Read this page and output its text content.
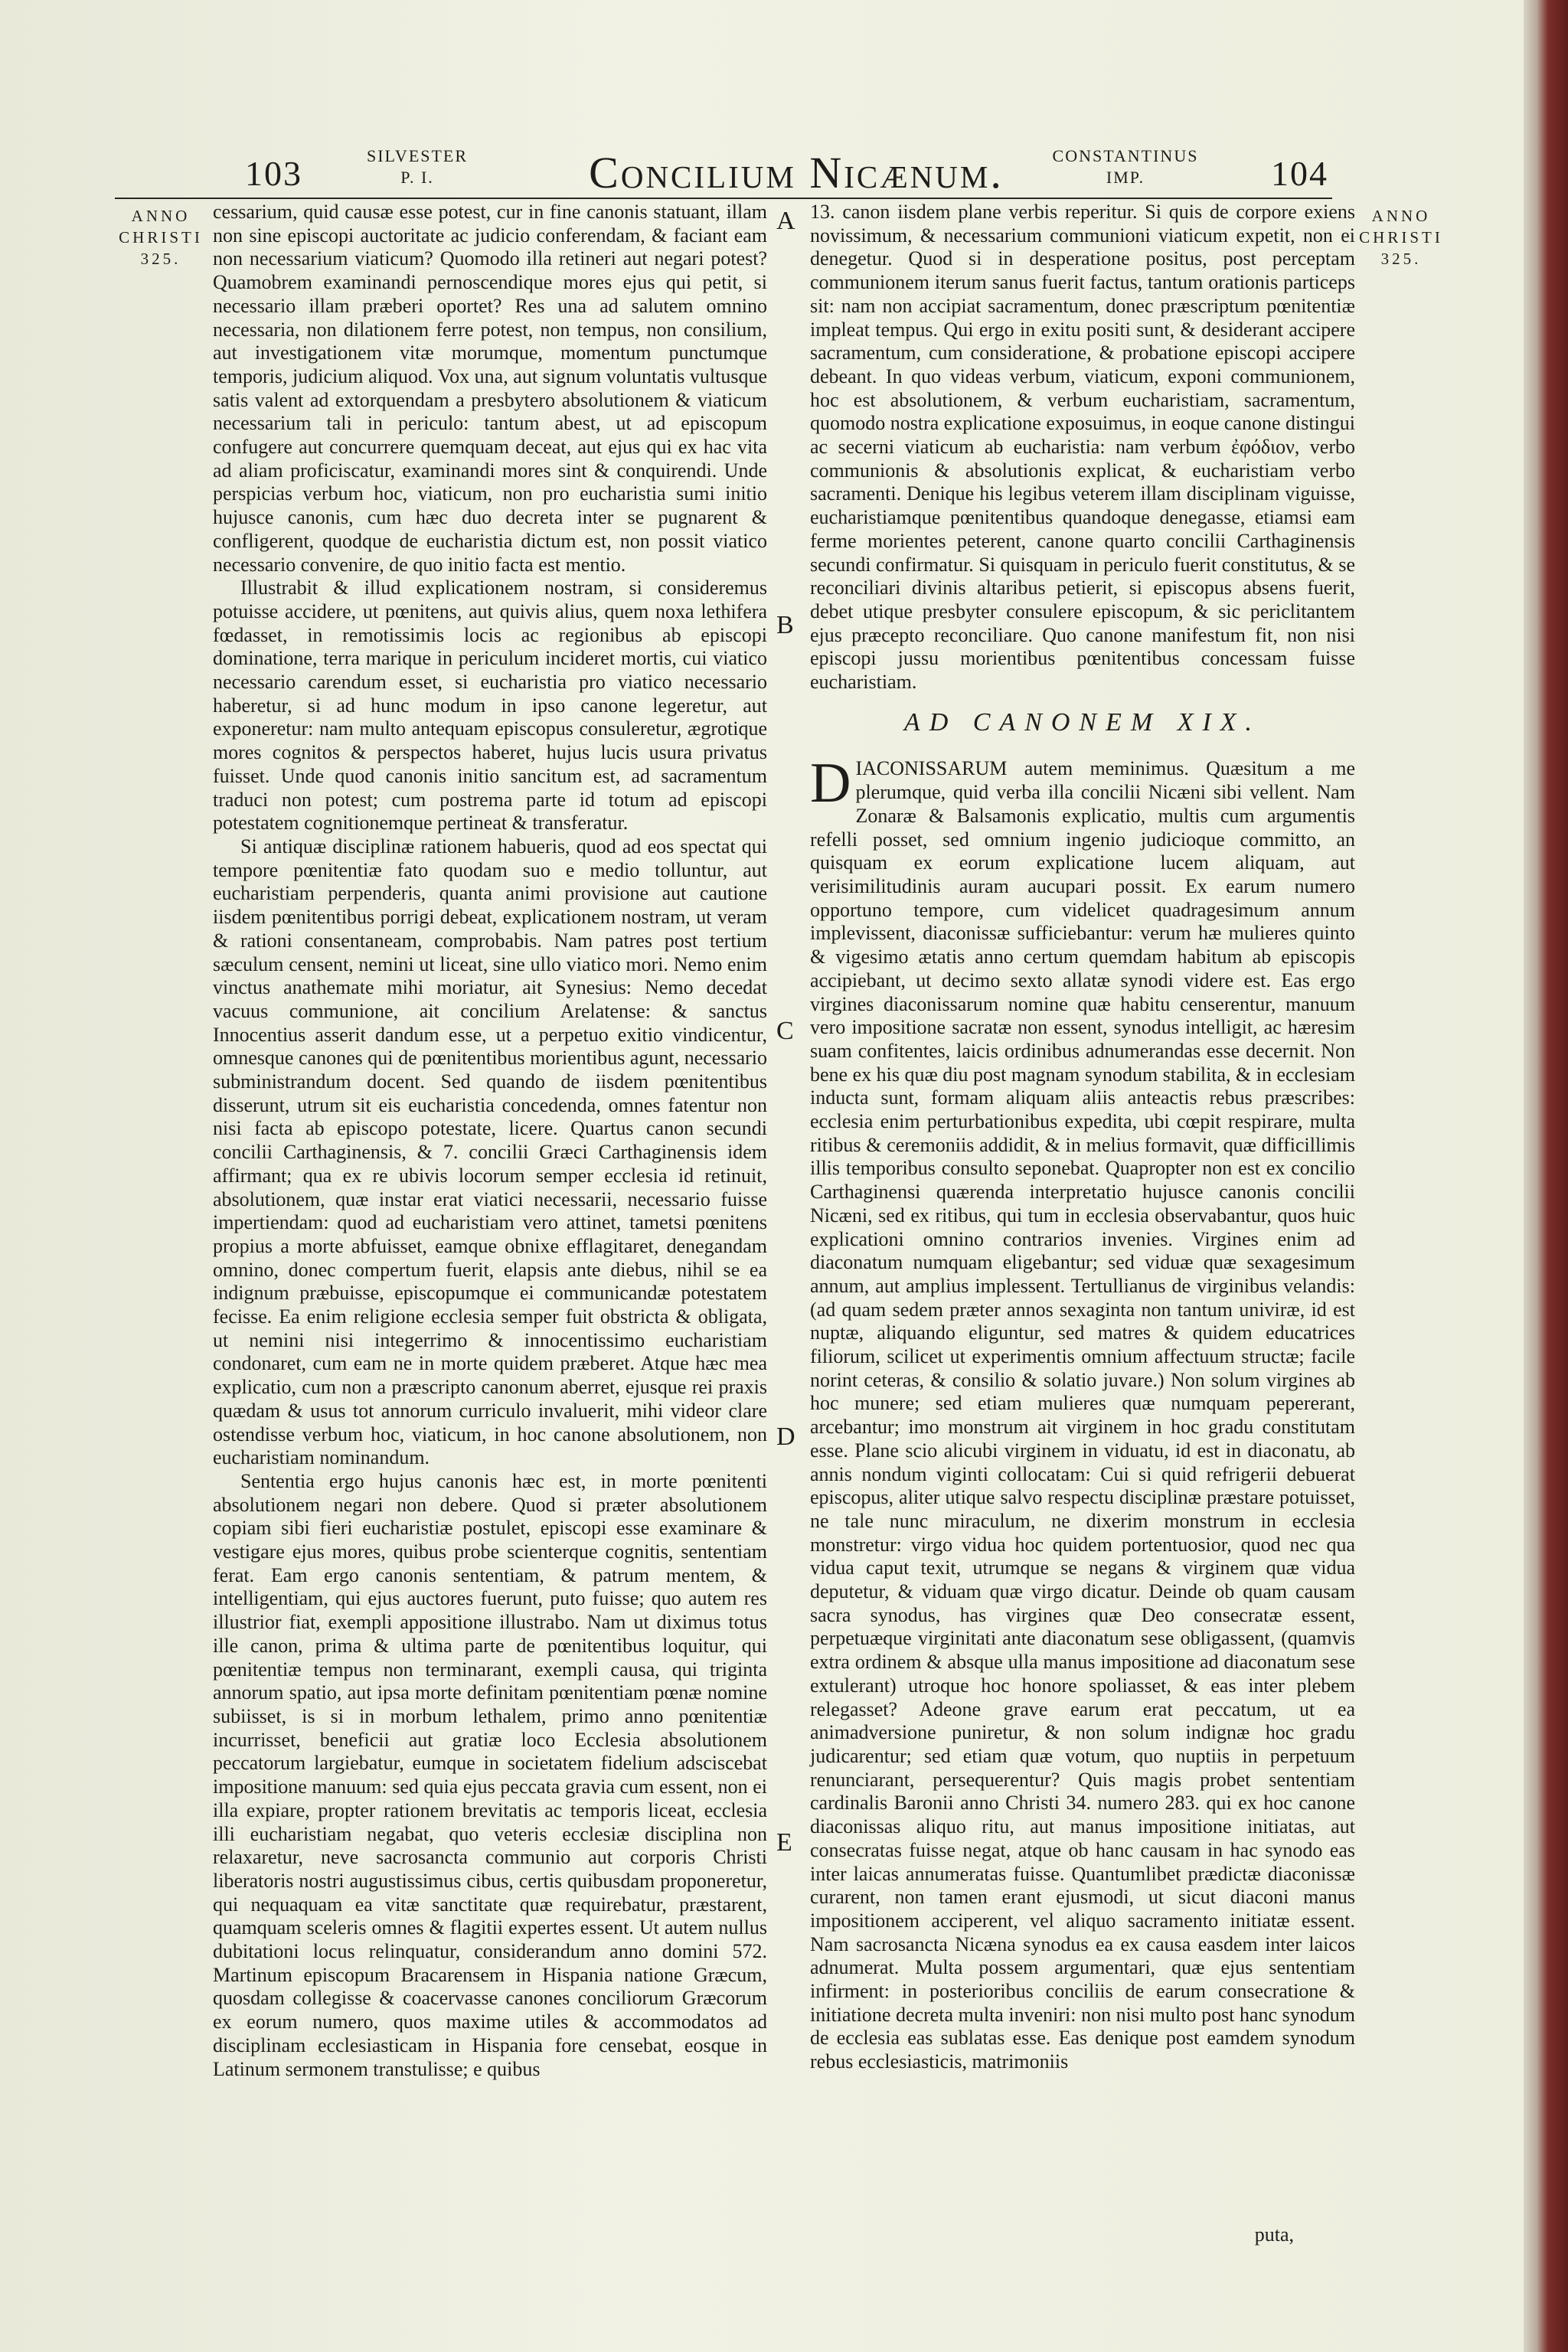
103	SILVESTER
P. I.	Concilium Nicænum.	CONSTANTINUS
IMP.	104
ANNO
CHRISTI
325.
ANNO
CHRISTI
325.
A
B
C
D
E

cessarium, quid causæ esse potest, cur in fine canonis statuant, illam non sine episcopi auctoritate ac judicio conferendam, & faciant eam non necessarium viaticum? Quomodo illa retineri aut negari potest? Quamobrem examinandi pernoscendique mores ejus qui petit, si necessario illam præberi oportet? Res una ad salutem omnino necessaria, non dilationem ferre potest, non tempus, non consilium, aut investigationem vitæ morumque, momentum punctumque temporis, judicium aliquod. Vox una, aut signum voluntatis vultusque satis valent ad extorquendam a presbytero absolutionem & viaticum necessarium tali in periculo: tantum abest, ut ad episcopum confugere aut concurrere quemquam deceat, aut ejus qui ex hac vita ad aliam proficiscatur, examinandi mores sint & conquirendi. Unde perspicias verbum hoc, viaticum, non pro eucharistia sumi initio hujusce canonis, cum hæc duo decreta inter se pugnarent & confligerent, quodque de eucharistia dictum est, non possit viatico necessario convenire, de quo initio facta est mentio.

Illustrabit & illud explicationem nostram, si consideremus potuisse accidere, ut pœnitens, aut quivis alius, quem noxa lethifera fœdasset, in remotissimis locis ac regionibus ab episcopi dominatione, terra marique in periculum incideret mortis, cui viatico necessario carendum esset, si eucharistia pro viatico necessario haberetur, si ad hunc modum in ipso canone legeretur, aut exponeretur: nam multo antequam episcopus consuleretur, ægrotique mores cognitos & perspectos haberet, hujus lucis usura privatus fuisset. Unde quod canonis initio sancitum est, ad sacramentum traduci non potest; cum postrema parte id totum ad episcopi potestatem cognitionemque pertineat & transferatur.

Si antiquæ disciplinæ rationem habueris, quod ad eos spectat qui tempore pœnitentiæ fato quodam suo e medio tolluntur, aut eucharistiam perpenderis, quanta animi provisione aut cautione iisdem pœnitentibus porrigi debeat, explicationem nostram, ut veram & rationi consentaneam, comprobabis. Nam patres post tertium sæculum censent, nemini ut liceat, sine ullo viatico mori. Nemo enim vinctus anathemate mihi moriatur, ait Synesius: Nemo decedat vacuus communione, ait concilium Arelatense: & sanctus Innocentius asserit dandum esse, ut a perpetuo exitio vindicentur, omnesque canones qui de pœnitentibus morientibus agunt, necessario subministrandum docent. Sed quando de iisdem pœnitentibus disserunt, utrum sit eis eucharistia concedenda, omnes fatentur non nisi facta ab episcopo potestate, licere. Quartus canon secundi concilii Carthaginensis, & 7. concilii Græci Carthaginensis idem affirmant; qua ex re ubivis locorum semper ecclesia id retinuit, absolutionem, quæ instar erat viatici necessarii, necessario fuisse impertiendam: quod ad eucharistiam vero attinet, tametsi pœnitens propius a morte abfuisset, eamque obnixe efflagitaret, denegandam omnino, donec compertum fuerit, elapsis ante diebus, nihil se ea indignum præbuisse, episcopumque ei communicandæ potestatem fecisse. Ea enim religione ecclesia semper fuit obstricta & obligata, ut nemini nisi integerrimo & innocentissimo eucharistiam condonaret, cum eam ne in morte quidem præberet. Atque hæc mea explicatio, cum non a præscripto canonum aberret, ejusque rei praxis quædam & usus tot annorum curriculo invaluerit, mihi videor clare ostendisse verbum hoc, viaticum, in hoc canone absolutionem, non eucharistiam nominandum.

Sententia ergo hujus canonis hæc est, in morte pœnitenti absolutionem negari non debere. Quod si præter absolutionem copiam sibi fieri eucharistiæ postulet, episcopi esse examinare & vestigare ejus mores, quibus probe scienterque cognitis, sententiam ferat. Eam ergo canonis sententiam, & patrum mentem, & intelligentiam, qui ejus auctores fuerunt, puto fuisse; quo autem res illustrior fiat, exempli appositione illustrabo. Nam ut diximus totus ille canon, prima & ultima parte de pœnitentibus loquitur, qui pœnitentiæ tempus non terminarant, exempli causa, qui triginta annorum spatio, aut ipsa morte definitam pœnitentiam pœnæ nomine subiisset, is si in morbum lethalem, primo anno pœnitentiæ incurrisset, beneficii aut gratiæ loco Ecclesia absolutionem peccatorum largiebatur, eumque in societatem fidelium adsciscebat impositione manuum: sed quia ejus peccata gravia cum essent, non ei illa expiare, propter rationem brevitatis ac temporis liceat, ecclesia illi eucharistiam negabat, quo veteris ecclesiæ disciplina non relaxaretur, neve sacrosancta communio aut corporis Christi liberatoris nostri augustissimus cibus, certis quibusdam proponeretur, qui nequaquam ea vitæ sanctitate quæ requirebatur, præstarent, quamquam sceleris omnes & flagitii expertes essent. Ut autem nullus dubitationi locus relinquatur, considerandum anno domini 572. Martinum episcopum Bracarensem in Hispania natione Græcum, quosdam collegisse & coacervasse canones conciliorum Græcorum ex eorum numero, quos maxime utiles & accommodatos ad disciplinam ecclesiasticam in Hispania fore censebat, eosque in Latinum sermonem transtulisse; e quibus

13. canon iisdem plane verbis reperitur. Si quis de corpore exiens novissimum, & necessarium communioni viaticum expetit, non ei denegetur. Quod si in desperatione positus, post perceptam communionem iterum sanus fuerit factus, tantum orationis particeps sit: nam non accipiat sacramentum, donec præscriptum pœnitentiæ impleat tempus. Qui ergo in exitu positi sunt, & desiderant accipere sacramentum, cum consideratione, & probatione episcopi accipere debeant. In quo videas verbum, viaticum, exponi communionem, hoc est absolutionem, & verbum eucharistiam, sacramentum, quomodo nostra explicatione exposuimus, in eoque canone distingui ac secerni viaticum ab eucharistia: nam verbum ἐφόδιον, verbo communionis & absolutionis explicat, & eucharistiam verbo sacramenti. Denique his legibus veterem illam disciplinam viguisse, eucharistiamque pœnitentibus quandoque denegasse, etiamsi eam ferme morientes peterent, canone quarto concilii Carthaginensis secundi confirmatur. Si quisquam in periculo fuerit constitutus, & se reconciliari divinis altaribus petierit, si episcopus absens fuerit, debet utique presbyter consulere episcopum, & sic periclitantem ejus præcepto reconciliare. Quo canone manifestum fit, non nisi episcopi jussu morientibus pœnitentibus concessam fuisse eucharistiam.

AD CANONEM XIX.

DIACONISSARUM autem meminimus. Quæsitum a me plerumque, quid verba illa concilii Nicæni sibi vellent. Nam Zonaræ & Balsamonis explicatio, multis cum argumentis refelli posset, sed omnium ingenio judicioque committo, an quisquam ex eorum explicatione lucem aliquam, aut verisimilitudinis auram aucupari possit. Ex earum numero opportuno tempore, cum videlicet quadragesimum annum implevissent, diaconissæ sufficiebantur: verum hæ mulieres quinto & vigesimo ætatis anno certum quemdam habitum ab episcopis accipiebant, ut decimo sexto allatæ synodi videre est. Eas ergo virgines diaconissarum nomine quæ habitu censerentur, manuum vero impositione sacratæ non essent, synodus intelligit, ac hæresim suam confitentes, laicis ordinibus adnumerandas esse decernit. Non bene ex his quæ diu post magnam synodum stabilita, & in ecclesiam inducta sunt, formam aliquam aliis anteactis rebus præscribes: ecclesia enim perturbationibus expedita, ubi cœpit respirare, multa ritibus & ceremoniis addidit, & in melius formavit, quæ difficillimis illis temporibus consulto seponebat. Quapropter non est ex concilio Carthaginensi quærenda interpretatio hujusce canonis concilii Nicæni, sed ex ritibus, qui tum in ecclesia observabantur, quos huic explicationi omnino contrarios invenies. Virgines enim ad diaconatum numquam eligebantur; sed viduæ quæ sexagesimum annum, aut amplius implessent. Tertullianus de virginibus velandis: (ad quam sedem præter annos sexaginta non tantum univiræ, id est nuptæ, aliquando eliguntur, sed matres & quidem educatrices filiorum, scilicet ut experimentis omnium affectuum structæ; facile norint ceteras, & consilio & solatio juvare.) Non solum virgines ab hoc munere; sed etiam mulieres quæ numquam pepererant, arcebantur; imo monstrum ait virginem in hoc gradu constitutam esse. Plane scio alicubi virginem in viduatu, id est in diaconatu, ab annis nondum viginti collocatam: Cui si quid refrigerii debuerat episcopus, aliter utique salvo respectu disciplinæ præstare potuisset, ne tale nunc miraculum, ne dixerim monstrum in ecclesia monstretur: virgo vidua hoc quidem portentuosior, quod nec qua vidua caput texit, utrumque se negans & virginem quæ vidua deputetur, & viduam quæ virgo dicatur. Deinde ob quam causam sacra synodus, has virgines quæ Deo consecratæ essent, perpetuæque virginitati ante diaconatum sese obligassent, (quamvis extra ordinem & absque ulla manus impositione ad diaconatum sese extulerant) utroque hoc honore spoliasset, & eas inter plebem relegasset? Adeone grave earum erat peccatum, ut ea animadversione puniretur, & non solum indignæ hoc gradu judicarentur; sed etiam quæ votum, quo nuptiis in perpetuum renunciarant, persequerentur? Quis magis probet sententiam cardinalis Baronii anno Christi 34. numero 283. qui ex hoc canone diaconissas aliquo ritu, aut manus impositione initiatas, aut consecratas fuisse negat, atque ob hanc causam in hac synodo eas inter laicas annumeratas fuisse. Quantumlibet prædictæ diaconissæ curarent, non tamen erant ejusmodi, ut sicut diaconi manus impositionem acciperent, vel aliquo sacramento initiatæ essent. Nam sacrosancta Nicæna synodus ea ex causa easdem inter laicos adnumerat. Multa possem argumentari, quæ ejus sententiam infirment: in posterioribus conciliis de earum consecratione & initiatione decreta multa inveniri: non nisi multo post hanc synodum de ecclesia eas sublatas esse. Eas denique post eamdem synodum rebus ecclesiasticis, matrimoniis

puta,
